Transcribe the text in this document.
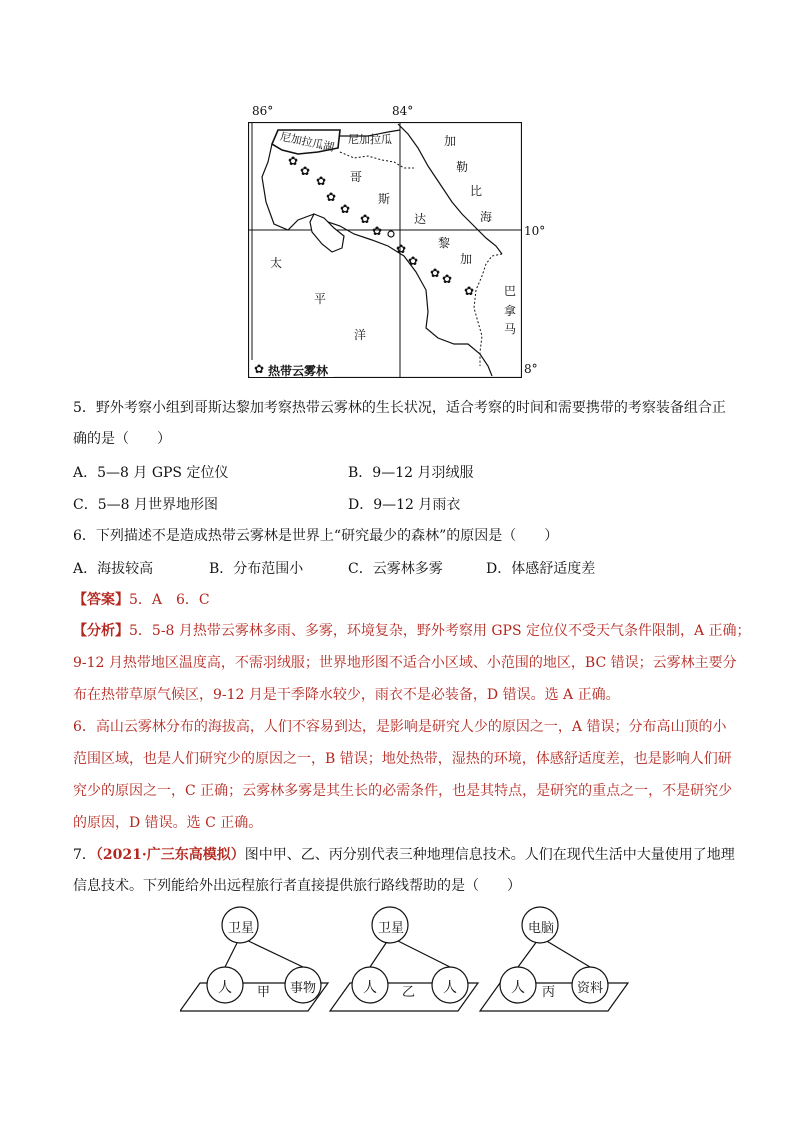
86°	84°
10°
8°
✿
✿
✿
✿
✿
✿
✿
✿
✿
✿ ✿
✿
尼加拉瓜湖 尼加拉瓜	加
勒
比
海
哥
斯
达
黎
加
太
平
洋
巴
拿
马
✿ 热带云雾林
5．野外考察小组到哥斯达黎加考察热带云雾林的生长状况，适合考察的时间和需要携带的考察装备组合正
确的是（　　）
A．5—8 月 GPS 定位仪	B．9—12 月羽绒服
C．5—8 月世界地形图	D．9—12 月雨衣
6．下列描述不是造成热带云雾林是世界上“研究最少的森林”的原因是（　　）
A．海拔较高	B．分布范围小	C．云雾林多雾	D．体感舒适度差
【答案】5．A　6．C
【分析】5．5-8 月热带云雾林多雨、多雾，环境复杂，野外考察用 GPS 定位仪不受天气条件限制，A 正确；
9-12 月热带地区温度高，不需羽绒服；世界地形图不适合小区域、小范围的地区，BC 错误；云雾林主要分
布在热带草原气候区，9-12 月是干季降水较少，雨衣不是必装备，D 错误。选 A 正确。
6．高山云雾林分布的海拔高，人们不容易到达，是影响是研究人少的原因之一，A 错误；分布高山顶的小
范围区域，也是人们研究少的原因之一，B 错误；地处热带，湿热的环境，体感舒适度差，也是影响人们研
究少的原因之一，C 正确；云雾林多雾是其生长的必需条件，也是其特点，是研究的重点之一，不是研究少
的原因，D 错误。选 C 正确。
7．（2021·广三东高模拟）图中甲、乙、丙分别代表三种地理信息技术。人们在现代生活中大量使用了地理
信息技术。下列能给外出远程旅行者直接提供旅行路线帮助的是（　　）
卫星
人	事物
甲
卫星
人	人
乙
电脑
人	资料
丙
